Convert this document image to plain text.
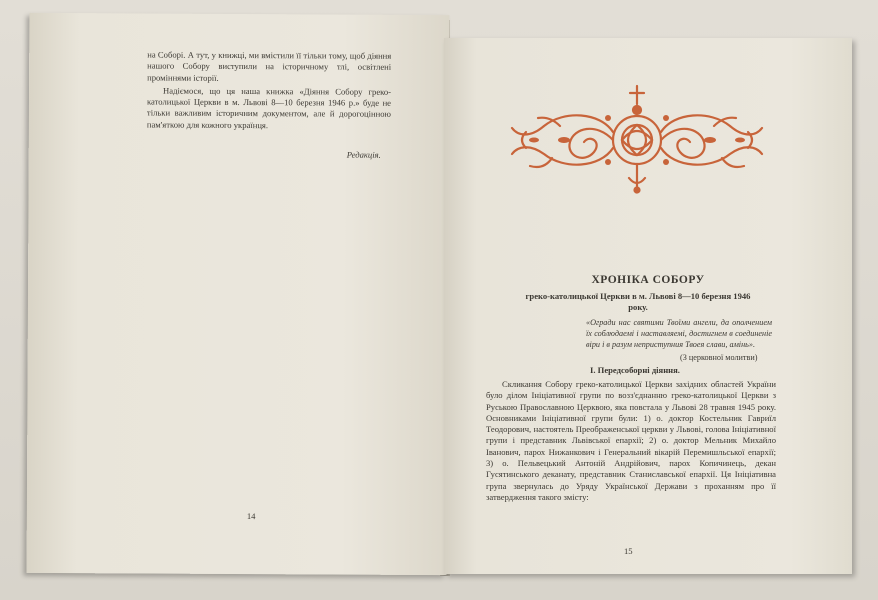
на Соборі. А тут, у книжці, ми вмістили її тільки тому, щоб діяння нашого Собору виступили на історичному тлі, освітлені проміннями історії.

Надіємося, що ця наша книжка «Діяння Собору греко-католицької Церкви в м. Львові 8—10 березня 1946 р.» буде не тільки важливим історичним документом, але й дорогоцінною пам'яткою для кожного українця.

Редакція.
14
ХРОНІКА СОБОРУ
греко-католицької Церкви в м. Львові 8—10 березня 1946 року.
«Огради нас святими Твоїми ангели, да ополчением їх соблюдаемі і наставляемі, достигнем в соединеніе віри і в разум неприступния Твоея слави, амінь».
(З церковної молитви)
I. Передсоборні діяння.
Скликання Собору греко-католицької Церкви західних областей України було ділом Ініціативної групи по возз'єднанню греко-католицької Церкви з Руською Православною Церквою, яка повстала у Львові 28 травня 1945 року. Основниками Ініціативної групи були: 1) о. доктор Костельник Гавриїл Теодорович, настоятель Преображенської церкви у Львові, голова Ініціативної групи і представник Львівської епархії; 2) о. доктор Мельник Михайло Іванович, парох Нижанкович і Генеральний вікарій Перемишльської епархії; 3) о. Пельвецький Антоній Андрійович, парох Копичинець, декан Гусятинського деканату, представник Станиславської епархії. Ця Ініціативна група звернулась до Уряду Української Держави з проханням про її затвердження такого змісту:
15
